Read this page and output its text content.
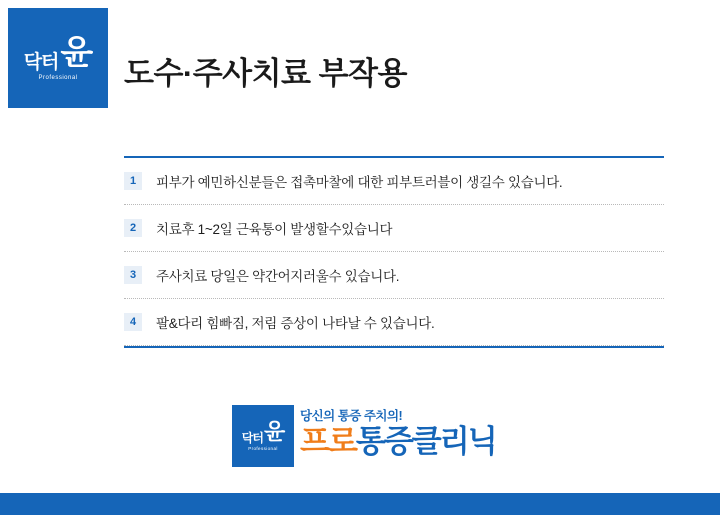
닥터 윤
Professional 도수·주사치료 부작용
1	피부가 예민하신분들은 접촉마찰에 대한 피부트러블이 생길수 있습니다.
2	치료후 1~2일 근육통이 발생할수있습니다
3	주사치료 당일은 약간어지러울수 있습니다.
4	팔&다리 힘빠짐, 저림 증상이 나타날 수 있습니다.
닥터 윤
Professional
당신의 통증 주치의!
프로 통증클리닉
